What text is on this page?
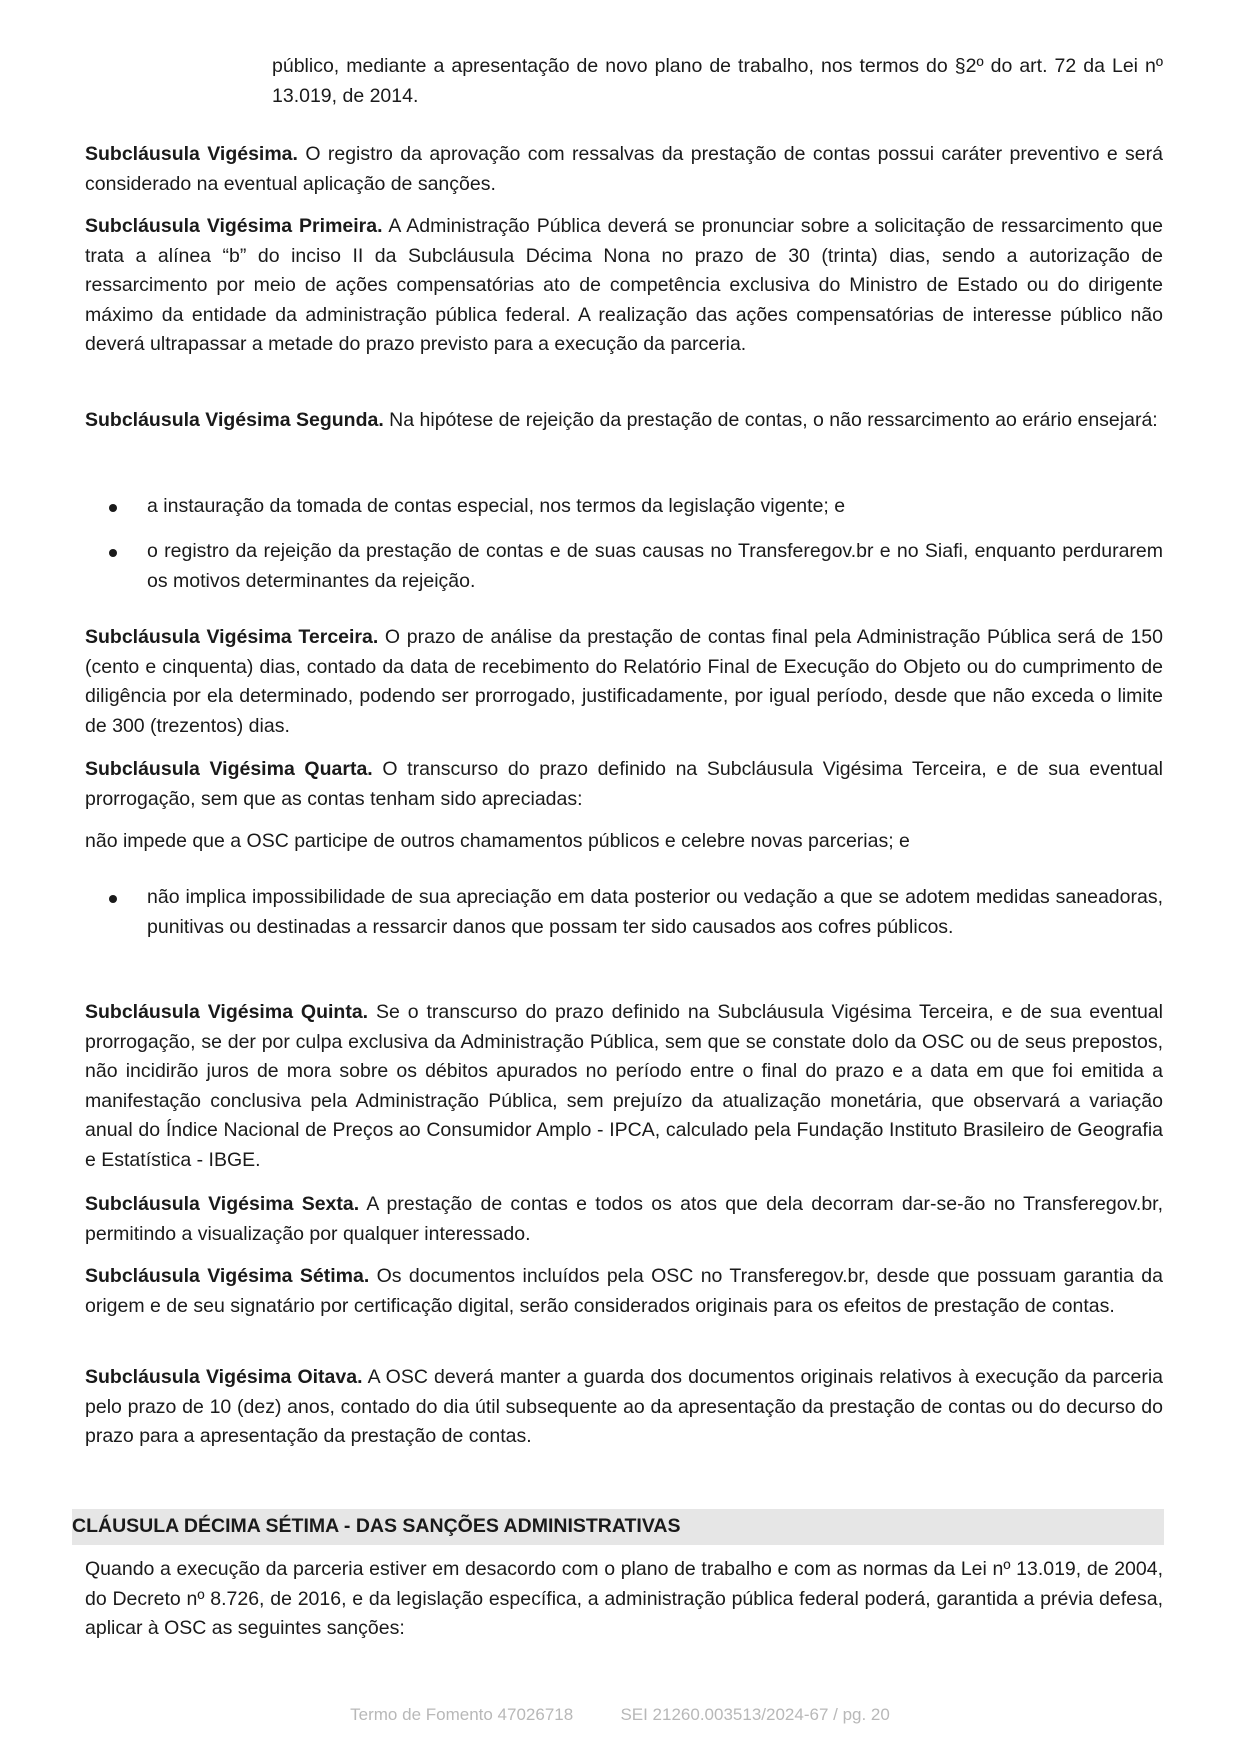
público, mediante a apresentação de novo plano de trabalho, nos termos do §2º do art. 72 da Lei nº 13.019, de 2014.

Subcláusula Vigésima. O registro da aprovação com ressalvas da prestação de contas possui caráter preventivo e será considerado na eventual aplicação de sanções.

Subcláusula Vigésima Primeira. A Administração Pública deverá se pronunciar sobre a solicitação de ressarcimento que trata a alínea “b” do inciso II da Subcláusula Décima Nona no prazo de 30 (trinta) dias, sendo a autorização de ressarcimento por meio de ações compensatórias ato de competência exclusiva do Ministro de Estado ou do dirigente máximo da entidade da administração pública federal. A realização das ações compensatórias de interesse público não deverá ultrapassar a metade do prazo previsto para a execução da parceria.

Subcláusula Vigésima Segunda. Na hipótese de rejeição da prestação de contas, o não ressarcimento ao erário ensejará:

a instauração da tomada de contas especial, nos termos da legislação vigente; e
o registro da rejeição da prestação de contas e de suas causas no Transferegov.br e no Siafi, enquanto perdurarem os motivos determinantes da rejeição.

Subcláusula Vigésima Terceira. O prazo de análise da prestação de contas final pela Administração Pública será de 150 (cento e cinquenta) dias, contado da data de recebimento do Relatório Final de Execução do Objeto ou do cumprimento de diligência por ela determinado, podendo ser prorrogado, justificadamente, por igual período, desde que não exceda o limite de 300 (trezentos) dias.

Subcláusula Vigésima Quarta. O transcurso do prazo definido na Subcláusula Vigésima Terceira, e de sua eventual prorrogação, sem que as contas tenham sido apreciadas:

não impede que a OSC participe de outros chamamentos públicos e celebre novas parcerias; e

não implica impossibilidade de sua apreciação em data posterior ou vedação a que se adotem medidas saneadoras, punitivas ou destinadas a ressarcir danos que possam ter sido causados aos cofres públicos.

Subcláusula Vigésima Quinta. Se o transcurso do prazo definido na Subcláusula Vigésima Terceira, e de sua eventual prorrogação, se der por culpa exclusiva da Administração Pública, sem que se constate dolo da OSC ou de seus prepostos, não incidirão juros de mora sobre os débitos apurados no período entre o final do prazo e a data em que foi emitida a manifestação conclusiva pela Administração Pública, sem prejuízo da atualização monetária, que observará a variação anual do Índice Nacional de Preços ao Consumidor Amplo - IPCA, calculado pela Fundação Instituto Brasileiro de Geografia e Estatística - IBGE.

Subcláusula Vigésima Sexta. A prestação de contas e todos os atos que dela decorram dar-se-ão no Transferegov.br, permitindo a visualização por qualquer interessado.

Subcláusula Vigésima Sétima. Os documentos incluídos pela OSC no Transferegov.br, desde que possuam garantia da origem e de seu signatário por certificação digital, serão considerados originais para os efeitos de prestação de contas.

Subcláusula Vigésima Oitava. A OSC deverá manter a guarda dos documentos originais relativos à execução da parceria pelo prazo de 10 (dez) anos, contado do dia útil subsequente ao da apresentação da prestação de contas ou do decurso do prazo para a apresentação da prestação de contas.

CLÁUSULA DÉCIMA SÉTIMA - DAS SANÇÕES ADMINISTRATIVAS

Quando a execução da parceria estiver em desacordo com o plano de trabalho e com as normas da Lei nº 13.019, de 2004, do Decreto nº 8.726, de 2016, e da legislação específica, a administração pública federal poderá, garantida a prévia defesa, aplicar à OSC as seguintes sanções:

Termo de Fomento 47026718	SEI 21260.003513/2024-67 / pg. 20
